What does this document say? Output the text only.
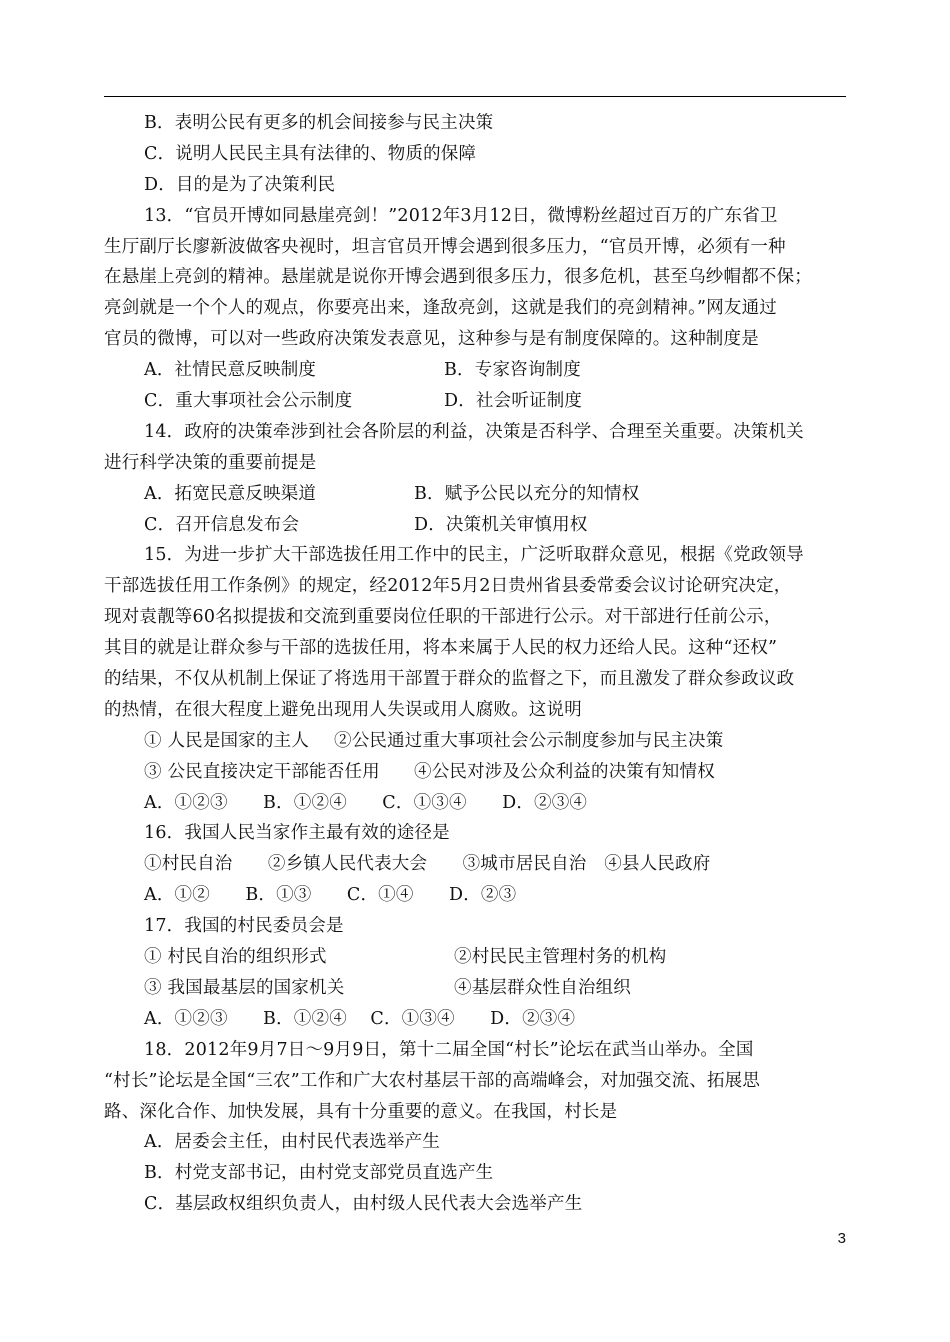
B．表明公民有更多的机会间接参与民主决策
C．说明人民民主具有法律的、物质的保障
D．目的是为了决策利民
13．“官员开博如同悬崖亮剑！”2012年3月12日，微博粉丝超过百万的广东省卫
生厅副厅长廖新波做客央视时，坦言官员开博会遇到很多压力，“官员开博，必须有一种
在悬崖上亮剑的精神。悬崖就是说你开博会遇到很多压力，很多危机，甚至乌纱帽都不保；
亮剑就是一个个人的观点，你要亮出来，逢敌亮剑，这就是我们的亮剑精神。”网友通过
官员的微博，可以对一些政府决策发表意见，这种参与是有制度保障的。这种制度是
A．社情民意反映制度	B．专家咨询制度
C．重大事项社会公示制度	D．社会听证制度
14．政府的决策牵涉到社会各阶层的利益，决策是否科学、合理至关重要。决策机关
进行科学决策的重要前提是
A．拓宽民意反映渠道	B．赋予公民以充分的知情权
C．召开信息发布会	D．决策机关审慎用权
15．为进一步扩大干部选拔任用工作中的民主，广泛听取群众意见，根据《党政领导
干部选拔任用工作条例》的规定，经2012年5月2日贵州省县委常委会议讨论研究决定，
现对袁靓等60名拟提拔和交流到重要岗位任职的干部进行公示。对干部进行任前公示，
其目的就是让群众参与干部的选拔任用，将本来属于人民的权力还给人民。这种“还权”
的结果，不仅从机制上保证了将选用干部置于群众的监督之下，而且激发了群众参政议政
的热情，在很大程度上避免出现用人失误或用人腐败。这说明
① 人民是国家的主人	②公民通过重大事项社会公示制度参加与民主决策
③ 公民直接决定干部能否任用	④公民对涉及公众利益的决策有知情权
A．①②③　　B．①②④　　C．①③④　　D．②③④
16．我国人民当家作主最有效的途径是
①村民自治　　②乡镇人民代表大会　　③城市居民自治　④县人民政府
A．①②　　B．①③　　C．①④　　D．②③
17．我国的村民委员会是
① 村民自治的组织形式	②村民民主管理村务的机构
③ 我国最基层的国家机关	④基层群众性自治组织
A．①②③　　B．①②④　 C．①③④　　D．②③④
18．2012年9月7日～9月9日，第十二届全国“村长”论坛在武当山举办。全国
“村长”论坛是全国“三农”工作和广大农村基层干部的高端峰会，对加强交流、拓展思
路、深化合作、加快发展，具有十分重要的意义。在我国，村长是
A．居委会主任，由村民代表选举产生
B．村党支部书记，由村党支部党员直选产生
C．基层政权组织负责人，由村级人民代表大会选举产生
3
